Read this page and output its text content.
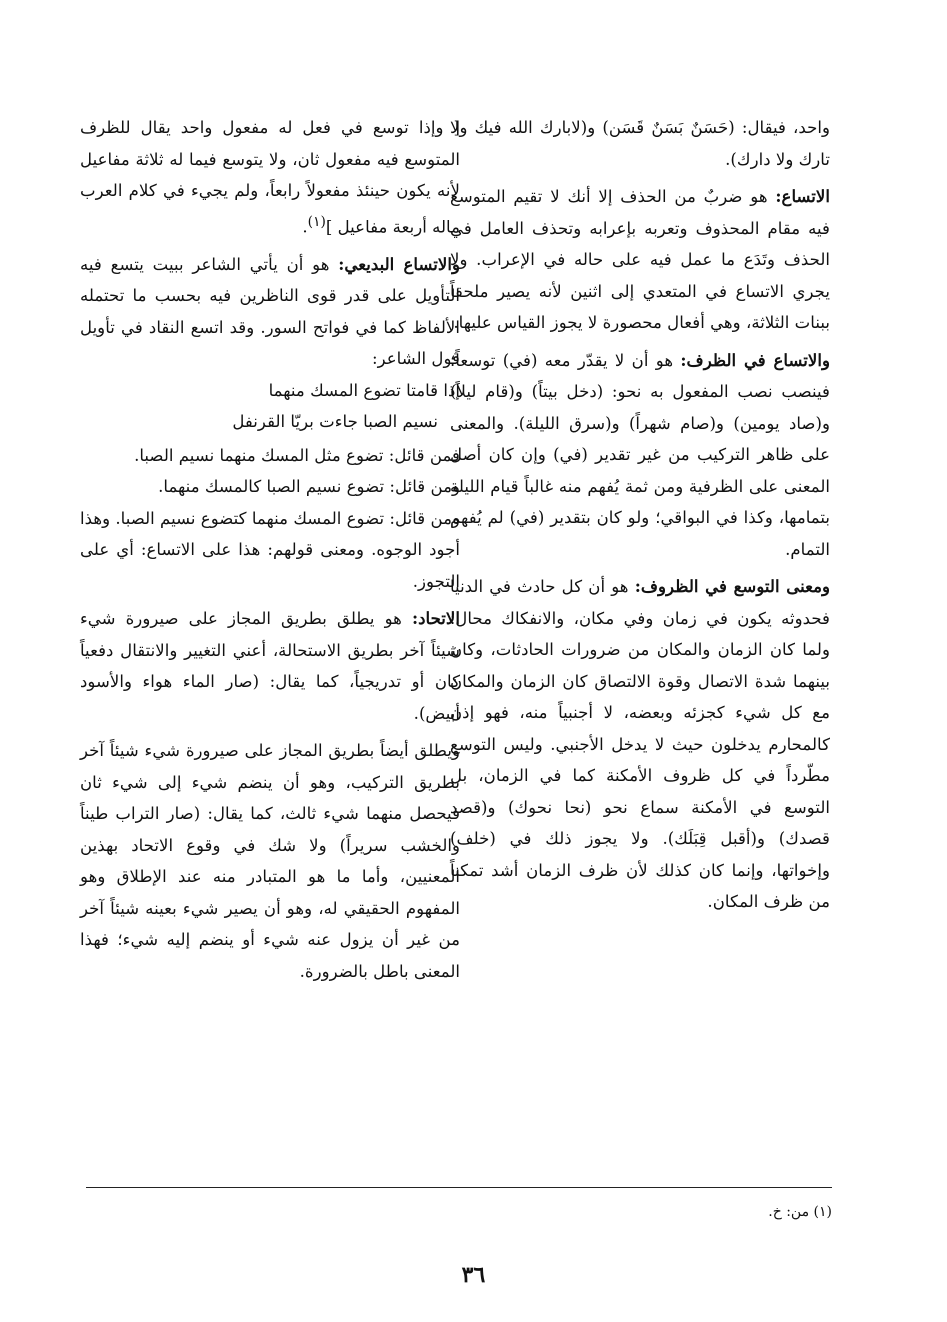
واحد، فيقال: (حَسَنٌ بَسَنٌ قَسَن) و(لابارك الله فيك ولا تارك ولا دارك).

الاتساع: هو ضربٌ من الحذف إلا أنك لا تقيم المتوسع فيه مقام المحذوف وتعربه بإعرابه وتحذف العامل في الحذف وتَدَع ما عمل فيه على حاله في الإعراب. ولا يجري الاتساع في المتعدي إلى اثنين لأنه يصير ملحقاً ببنات الثلاثة، وهي أفعال محصورة لا يجوز القياس عليها.

والاتساع في الظرف: هو أن لا يقدّر معه (في) توسعاً؛ فينصب نصب المفعول به نحو: (دخل بيتاً) و(قام ليلاً) و(صاد يومين) و(صام شهراً) و(سرق الليلة). والمعنى على ظاهر التركيب من غير تقدير (في) وإن كان أصل المعنى على الظرفية ومن ثمة يُفهم منه غالباً قيام الليلة بتمامها، وكذا في البواقي؛ ولو كان بتقدير (في) لم يُفهم التمام.

ومعنى التوسع في الظروف: هو أن كل حادث في الدنيا فحدوثه يكون في زمان وفي مكان، والانفكاك محال؛ ولما كان الزمان والمكان من ضرورات الحادثات، وكان بينهما شدة الاتصال وقوة الالتصاق كان الزمان والمكان مع كل شيء كجزئه وبعضه، لا أجنبياً منه، فهو إذن كالمحارم يدخلون حيث لا يدخل الأجنبي. وليس التوسع مطّرداً في كل ظروف الأمكنة كما في الزمان، بل التوسع في الأمكنة سماع نحو (نحا نحوك) و(قصد قصدك) و(أقبل قِبَلَك). ولا يجوز ذلك في (خلف) وإخواتها، وإنما كان كذلك لأن ظرف الزمان أشد تمكناً من ظرف المكان.

[ وإذا توسع في فعل له مفعول واحد يقال للظرف المتوسع فيه مفعول ثان، ولا يتوسع فيما له ثلاثة مفاعيل لأنه يكون حينئذ مفعولاً رابعاً، ولم يجيء في كلام العرب ماله أربعة مفاعيل ]$^{(١)}$.

والاتساع البديعي: هو أن يأتي الشاعر ببيت يتسع فيه التأويل على قدر قوى الناظرين فيه بحسب ما تحتمله الألفاظ كما في فواتح السور. وقد اتسع النقاد في تأويل قول الشاعر:

إذا قامتا تضوع المسك منهما

نسيم الصبا جاءت بريّا القرنفل

فمن قائل: تضوع مثل المسك منهما نسيم الصبا.

ومن قائل: تضوع نسيم الصبا كالمسك منهما.

ومن قائل: تضوع المسك منهما كتضوع نسيم الصبا. وهذا أجود الوجوه. ومعنى قولهم: هذا على الاتساع: أي على التجوز.

الاتحاد: هو يطلق بطريق المجاز على صيرورة شيء شيئاً آخر بطريق الاستحالة، أعني التغيير والانتقال دفعياً كان أو تدريجياً، كما يقال: (صار الماء هواء والأسود أبيض).

ويطلق أيضاً بطريق المجاز على صيرورة شيء شيئاً آخر بطريق التركيب، وهو أن ينضم شيء إلى شيء ثان فيحصل منهما شيء ثالث، كما يقال: (صار التراب طيناً والخشب سريراً) ولا شك في وقوع الاتحاد بهذين المعنيين، وأما ما هو المتبادر منه عند الإطلاق وهو المفهوم الحقيقي له، وهو أن يصير شيء بعينه شيئاً آخر من غير أن يزول عنه شيء أو ينضم إليه شيء؛ فهذا المعنى باطل بالضرورة.

(١) من: خ.
٣٦
